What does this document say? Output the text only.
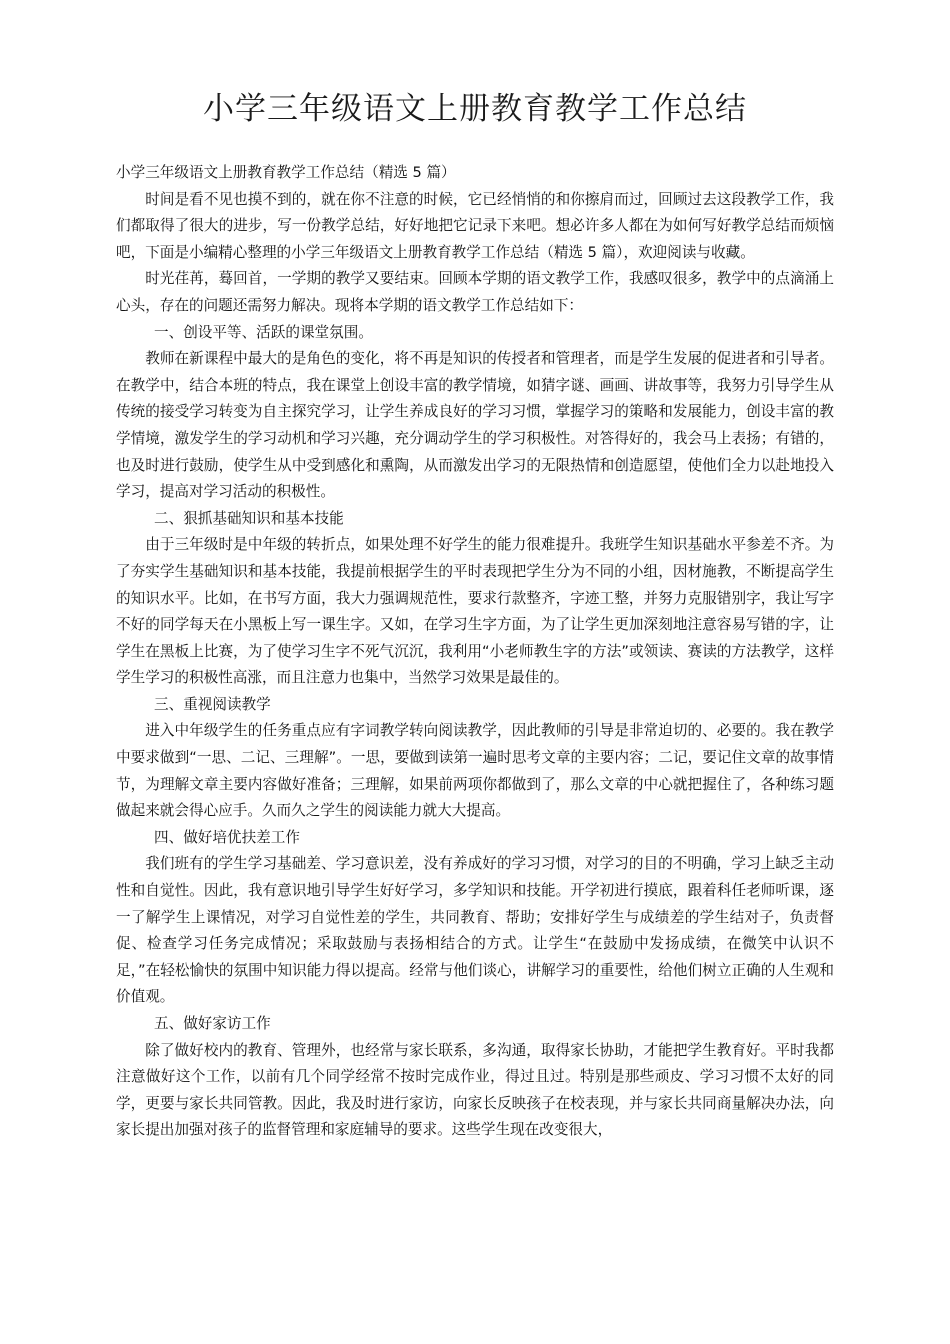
小学三年级语文上册教育教学工作总结

小学三年级语文上册教育教学工作总结（精选 5 篇）

时间是看不见也摸不到的，就在你不注意的时候，它已经悄悄的和你擦肩而过，回顾过去这段教学工作，我们都取得了很大的进步，写一份教学总结，好好地把它记录下来吧。想必许多人都在为如何写好教学总结而烦恼吧，下面是小编精心整理的小学三年级语文上册教育教学工作总结（精选 5 篇），欢迎阅读与收藏。

时光荏苒，蓦回首，一学期的教学又要结束。回顾本学期的语文教学工作，我感叹很多，教学中的点滴涌上心头，存在的问题还需努力解决。现将本学期的语文教学工作总结如下：

一、创设平等、活跃的课堂氛围。

教师在新课程中最大的是角色的变化，将不再是知识的传授者和管理者，而是学生发展的促进者和引导者。在教学中，结合本班的特点，我在课堂上创设丰富的教学情境，如猜字谜、画画、讲故事等，我努力引导学生从传统的接受学习转变为自主探究学习，让学生养成良好的学习习惯，掌握学习的策略和发展能力，创设丰富的教学情境，激发学生的学习动机和学习兴趣，充分调动学生的学习积极性。对答得好的，我会马上表扬；有错的，也及时进行鼓励，使学生从中受到感化和熏陶，从而激发出学习的无限热情和创造愿望，使他们全力以赴地投入学习，提高对学习活动的积极性。

二、狠抓基础知识和基本技能

由于三年级时是中年级的转折点，如果处理不好学生的能力很难提升。我班学生知识基础水平参差不齐。为了夯实学生基础知识和基本技能，我提前根据学生的平时表现把学生分为不同的小组，因材施教，不断提高学生的知识水平。比如，在书写方面，我大力强调规范性，要求行款整齐，字迹工整，并努力克服错别字，我让写字不好的同学每天在小黑板上写一课生字。又如，在学习生字方面，为了让学生更加深刻地注意容易写错的字，让学生在黑板上比赛，为了使学习生字不死气沉沉，我利用“小老师教生字的方法”或领读、赛读的方法教学，这样学生学习的积极性高涨，而且注意力也集中，当然学习效果是最佳的。

三、重视阅读教学

进入中年级学生的任务重点应有字词教学转向阅读教学，因此教师的引导是非常迫切的、必要的。我在教学中要求做到“一思、二记、三理解”。一思，要做到读第一遍时思考文章的主要内容；二记，要记住文章的故事情节，为理解文章主要内容做好准备；三理解，如果前两项你都做到了，那么文章的中心就把握住了，各种练习题做起来就会得心应手。久而久之学生的阅读能力就大大提高。

四、做好培优扶差工作

我们班有的学生学习基础差、学习意识差，没有养成好的学习习惯，对学习的目的不明确，学习上缺乏主动性和自觉性。因此，我有意识地引导学生好好学习，多学知识和技能。开学初进行摸底，跟着科任老师听课，逐一了解学生上课情况，对学习自觉性差的学生，共同教育、帮助；安排好学生与成绩差的学生结对子，负责督促、检查学习任务完成情况；采取鼓励与表扬相结合的方式。让学生“在鼓励中发扬成绩，在微笑中认识不足，”在轻松愉快的氛围中知识能力得以提高。经常与他们谈心，讲解学习的重要性，给他们树立正确的人生观和价值观。

五、做好家访工作

除了做好校内的教育、管理外，也经常与家长联系，多沟通，取得家长协助，才能把学生教育好。平时我都注意做好这个工作，以前有几个同学经常不按时完成作业，得过且过。特别是那些顽皮、学习习惯不太好的同学，更要与家长共同管教。因此，我及时进行家访，向家长反映孩子在校表现，并与家长共同商量解决办法，向家长提出加强对孩子的监督管理和家庭辅导的要求。这些学生现在改变很大，
